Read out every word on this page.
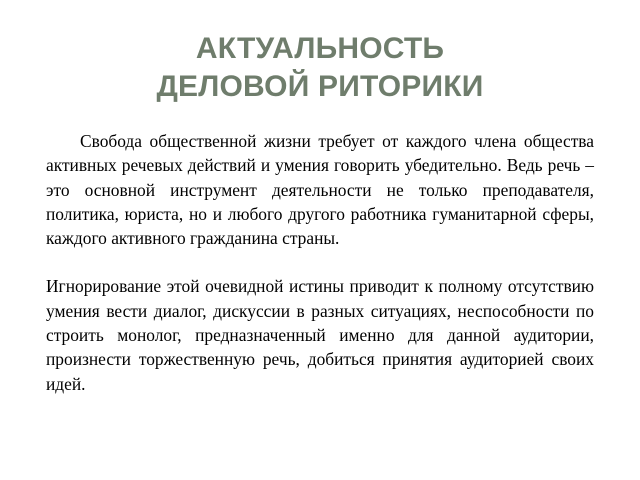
АКТУАЛЬНОСТЬ
ДЕЛОВОЙ РИТОРИКИ

Свобода общественной жизни требует от каждого члена общества активных речевых действий и умения говорить убедительно. Ведь речь – это основной инструмент деятельности не только преподавателя, политика, юриста, но и любого другого работника гуманитарной сферы, каждого активного гражданина страны.

Игнорирование этой очевидной истины приводит к полному отсутствию умения вести диалог, дискуссии в разных ситуациях, неспособности по строить монолог, предназначенный именно для данной аудитории, произнести торжественную речь, добиться принятия аудиторией своих идей.
